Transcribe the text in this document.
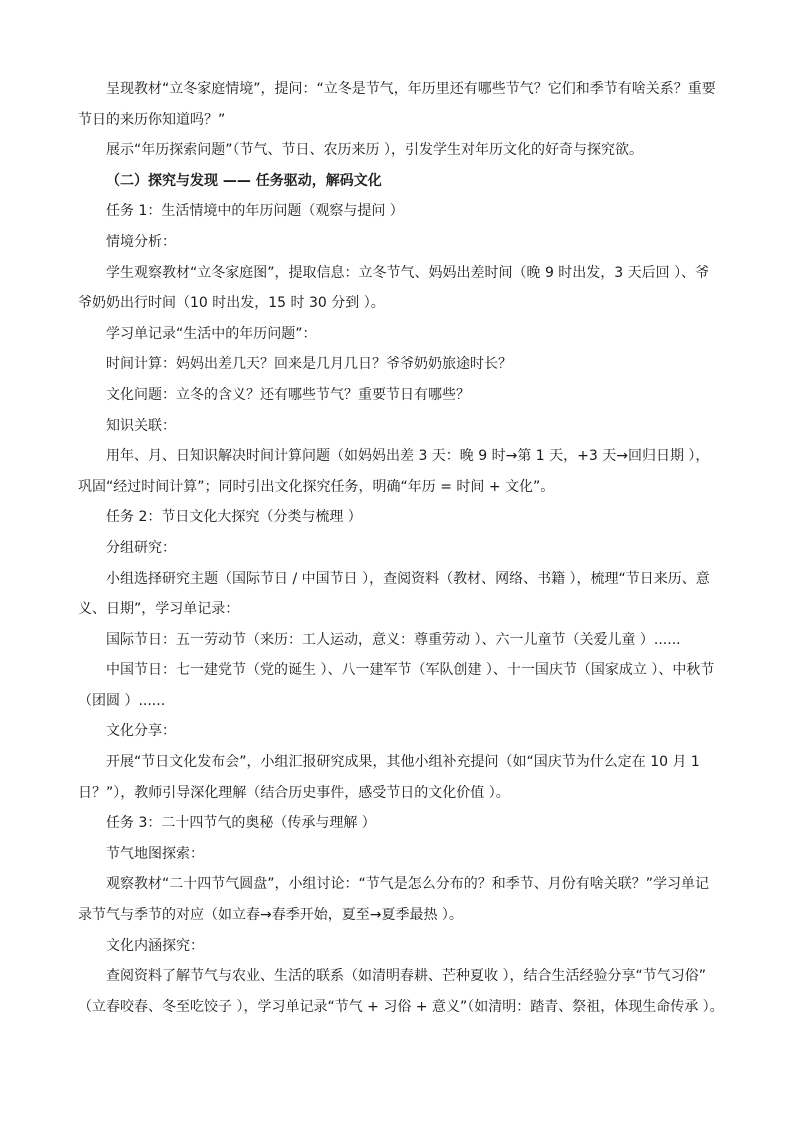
呈现教材“立冬家庭情境”，提问：“立冬是节气，年历里还有哪些节气？它们和季节有啥关系？重要
节日的来历你知道吗？”
展示“年历探索问题”（节气、节日、农历来历 ），引发学生对年历文化的好奇与探究欲。
（二）探究与发现 —— 任务驱动，解码文化
任务 1：生活情境中的年历问题（观察与提问 ）
情境分析：
学生观察教材“立冬家庭图”，提取信息：立冬节气、妈妈出差时间（晚 9 时出发，3 天后回 ）、爷
爷奶奶出行时间（10 时出发，15 时 30 分到 ）。
学习单记录“生活中的年历问题”：
时间计算：妈妈出差几天？回来是几月几日？爷爷奶奶旅途时长？
文化问题：立冬的含义？还有哪些节气？重要节日有哪些？
知识关联：
用年、月、日知识解决时间计算问题（如妈妈出差 3 天：晚 9 时→第 1 天，+3 天→回归日期 ），
巩固“经过时间计算”；同时引出文化探究任务，明确“年历 = 时间 + 文化”。
任务 2：节日文化大探究（分类与梳理 ）
分组研究：
小组选择研究主题（国际节日 / 中国节日 ），查阅资料（教材、网络、书籍 ），梳理“节日来历、意
义、日期”，学习单记录：
国际节日：五一劳动节（来历：工人运动，意义：尊重劳动 ）、六一儿童节（关爱儿童 ）......
中国节日：七一建党节（党的诞生 ）、八一建军节（军队创建 ）、十一国庆节（国家成立 ）、中秋节
（团圆 ）......
文化分享：
开展“节日文化发布会”，小组汇报研究成果，其他小组补充提问（如“国庆节为什么定在 10 月 1
日？”），教师引导深化理解（结合历史事件，感受节日的文化价值 ）。
任务 3：二十四节气的奥秘（传承与理解 ）
节气地图探索：
观察教材“二十四节气圆盘”，小组讨论：“节气是怎么分布的？和季节、月份有啥关联？”学习单记
录节气与季节的对应（如立春→春季开始，夏至→夏季最热 ）。
文化内涵探究：
查阅资料了解节气与农业、生活的联系（如清明春耕、芒种夏收 ），结合生活经验分享“节气习俗”
（立春咬春、冬至吃饺子 ），学习单记录“节气 + 习俗 + 意义”（如清明：踏青、祭祖，体现生命传承 ）。
